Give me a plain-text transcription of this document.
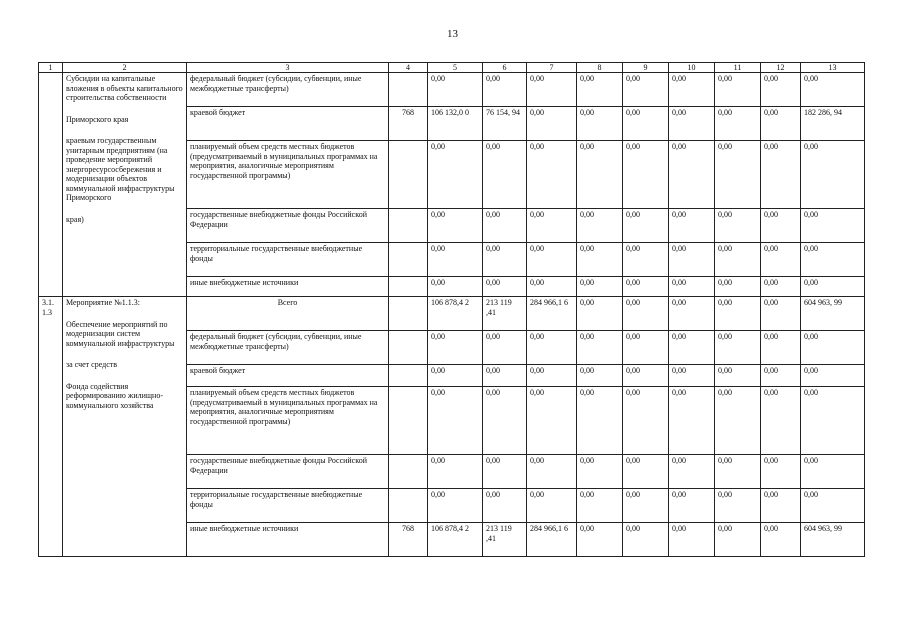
13
1	2	3	4	5	6	7	8	9	10	11	12	13

	Субсидии на капитальные вложения в объекты капитального строительства собственности
Приморского края
краевым государственным унитарным предприятиям (на проведение мероприятий энергоресурсосбережения и модернизации объектов коммунальной инфраструктуры Приморского
края)	федеральный бюджет (субсидии, субвенции, иные межбюджетные трансферты)		0,00	0,00	0,00	0,00	0,00	0,00	0,00	0,00	0,00
		краевой бюджет	768	106 132,0 0	76 154, 94	0,00	0,00	0,00	0,00	0,00	0,00	182 286, 94
		планируемый объем средств местных бюджетов (предусматриваемый в муниципальных программах на мероприятия, аналогичные мероприятиям государственной программы)		0,00	0,00	0,00	0,00	0,00	0,00	0,00	0,00	0,00
		государственные внебюджетные фонды Российской Федерации		0,00	0,00	0,00	0,00	0,00	0,00	0,00	0,00	0,00
		территориальные государственные внебюджетные фонды		0,00	0,00	0,00	0,00	0,00	0,00	0,00	0,00	0,00
		иные внебюджетные источники		0,00	0,00	0,00	0,00	0,00	0,00	0,00	0,00	0,00
3.1. 1.3	Мероприятие №1.1.3:
Обеспечение мероприятий по модернизации систем коммунальной инфраструктуры
за счет средств
Фонда содействия реформированию жилищно-коммунального хозяйства	Всего		106 878,4 2	213 119 ,41	284 966,1 6	0,00	0,00	0,00	0,00	0,00	604 963, 99
		федеральный бюджет (субсидии, субвенции, иные межбюджетные трансферты)		0,00	0,00	0,00	0,00	0,00	0,00	0,00	0,00	0,00
		краевой бюджет		0,00	0,00	0,00	0,00	0,00	0,00	0,00	0,00	0,00
		планируемый объем средств местных бюджетов (предусматриваемый в муниципальных программах на мероприятия, аналогичные мероприятиям государственной программы)		0,00	0,00	0,00	0,00	0,00	0,00	0,00	0,00	0,00
		государственные внебюджетные фонды Российской Федерации		0,00	0,00	0,00	0,00	0,00	0,00	0,00	0,00	0,00
		территориальные государственные внебюджетные фонды		0,00	0,00	0,00	0,00	0,00	0,00	0,00	0,00	0,00
		иные внебюджетные источники	768	106 878,4 2	213 119 ,41	284 966,1 6	0,00	0,00	0,00	0,00	0,00	604 963, 99
